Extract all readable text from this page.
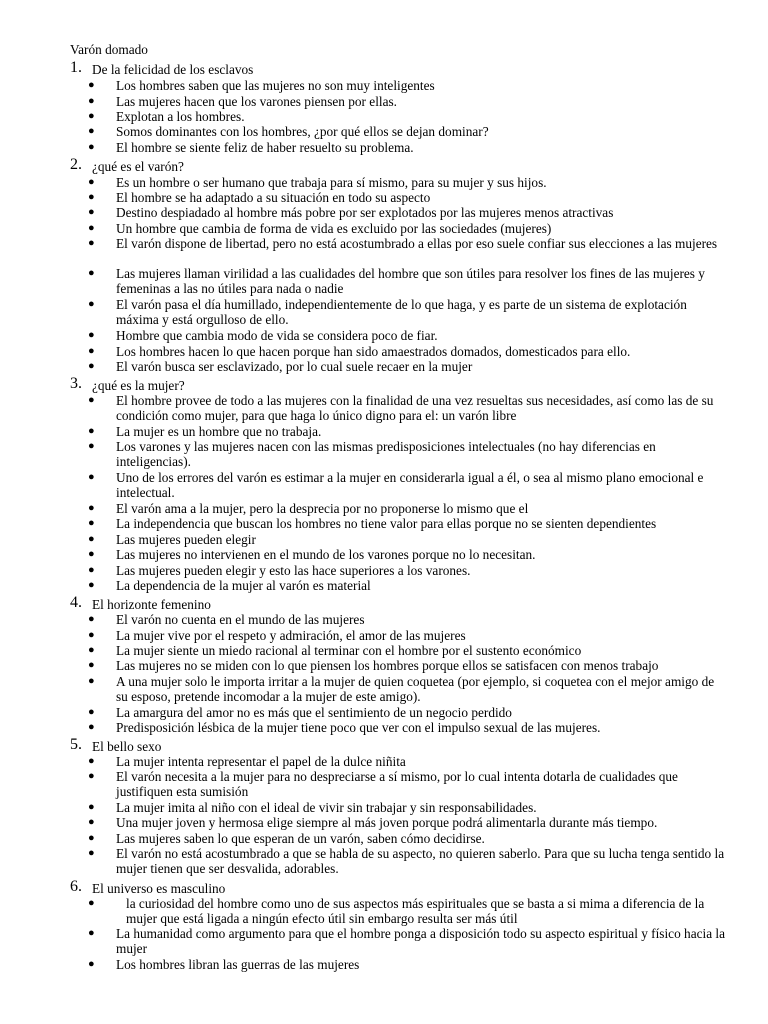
Varón domado
1. De la felicidad de los esclavos
● Los hombres saben que las mujeres no son muy inteligentes
● Las mujeres hacen que los varones piensen por ellas.
● Explotan a los hombres.
● Somos dominantes con los hombres, ¿por qué ellos se dejan dominar?
● El hombre se siente feliz de haber resuelto su problema.
2. ¿qué es el varón?
● Es un hombre o ser humano que trabaja para sí mismo, para su mujer y sus hijos.
● El hombre se ha adaptado a su situación en todo su aspecto
● Destino despiadado al hombre más pobre por ser explotados por las mujeres menos atractivas
● Un hombre que cambia de forma de vida es excluido por las sociedades (mujeres)
● El varón dispone de libertad, pero no está acostumbrado a ellas por eso suele confiar sus elecciones a las mujeres
● Las mujeres llaman virilidad a las cualidades del hombre que son útiles para resolver los fines de las mujeres y femeninas a las no útiles para nada o nadie
● El varón pasa el día humillado, independientemente de lo que haga, y es parte de un sistema de explotación máxima y está orgulloso de ello.
● Hombre que cambia modo de vida se considera poco de fiar.
● Los hombres hacen lo que hacen porque han sido amaestrados domados, domesticados para ello.
● El varón busca ser esclavizado, por lo cual suele recaer en la mujer
3. ¿qué es la mujer?
● El hombre provee de todo a las mujeres con la finalidad de una vez resueltas sus necesidades, así como las de su condición como mujer, para que haga lo único digno para el: un varón libre
● La mujer es un hombre que no trabaja.
● Los varones y las mujeres nacen con las mismas predisposiciones intelectuales (no hay diferencias en inteligencias).
● Uno de los errores del varón es estimar a la mujer en considerarla igual a él, o sea al mismo plano emocional e intelectual.
● El varón ama a la mujer, pero la desprecia por no proponerse lo mismo que el
● La independencia que buscan los hombres no tiene valor para ellas porque no se sienten dependientes
● Las mujeres pueden elegir
● Las mujeres no intervienen en el mundo de los varones porque no lo necesitan.
● Las mujeres pueden elegir y esto las hace superiores a los varones.
● La dependencia de la mujer al varón es material
4. El horizonte femenino
● El varón no cuenta en el mundo de las mujeres
● La mujer vive por el respeto y admiración, el amor de las mujeres
● La mujer siente un miedo racional al terminar con el hombre por el sustento económico
● Las mujeres no se miden con lo que piensen los hombres porque ellos se satisfacen con menos trabajo
● A una mujer solo le importa irritar a la mujer de quien coquetea (por ejemplo, si coquetea con el mejor amigo de su esposo, pretende incomodar a la mujer de este amigo).
● La amargura del amor no es más que el sentimiento de un negocio perdido
● Predisposición lésbica de la mujer tiene poco que ver con el impulso sexual de las mujeres.
5. El bello sexo
● La mujer intenta representar el papel de la dulce niñita
● El varón necesita a la mujer para no despreciarse a sí mismo, por lo cual intenta dotarla de cualidades que justifiquen esta sumisión
● La mujer imita al niño con el ideal de vivir sin trabajar y sin responsabilidades.
● Una mujer joven y hermosa elige siempre al más joven porque podrá alimentarla durante más tiempo.
● Las mujeres saben lo que esperan de un varón, saben cómo decidirse.
● El varón no está acostumbrado a que se habla de su aspecto, no quieren saberlo. Para que su lucha tenga sentido la mujer tienen que ser desvalida, adorables.
6. El universo es masculino
●	la curiosidad del hombre como uno de sus aspectos más espirituales que se basta a si mima a diferencia de la mujer que está ligada a ningún efecto útil sin embargo resulta ser más útil
● La humanidad como argumento para que el hombre ponga a disposición todo su aspecto espiritual y físico hacia la mujer
● Los hombres libran las guerras de las mujeres
